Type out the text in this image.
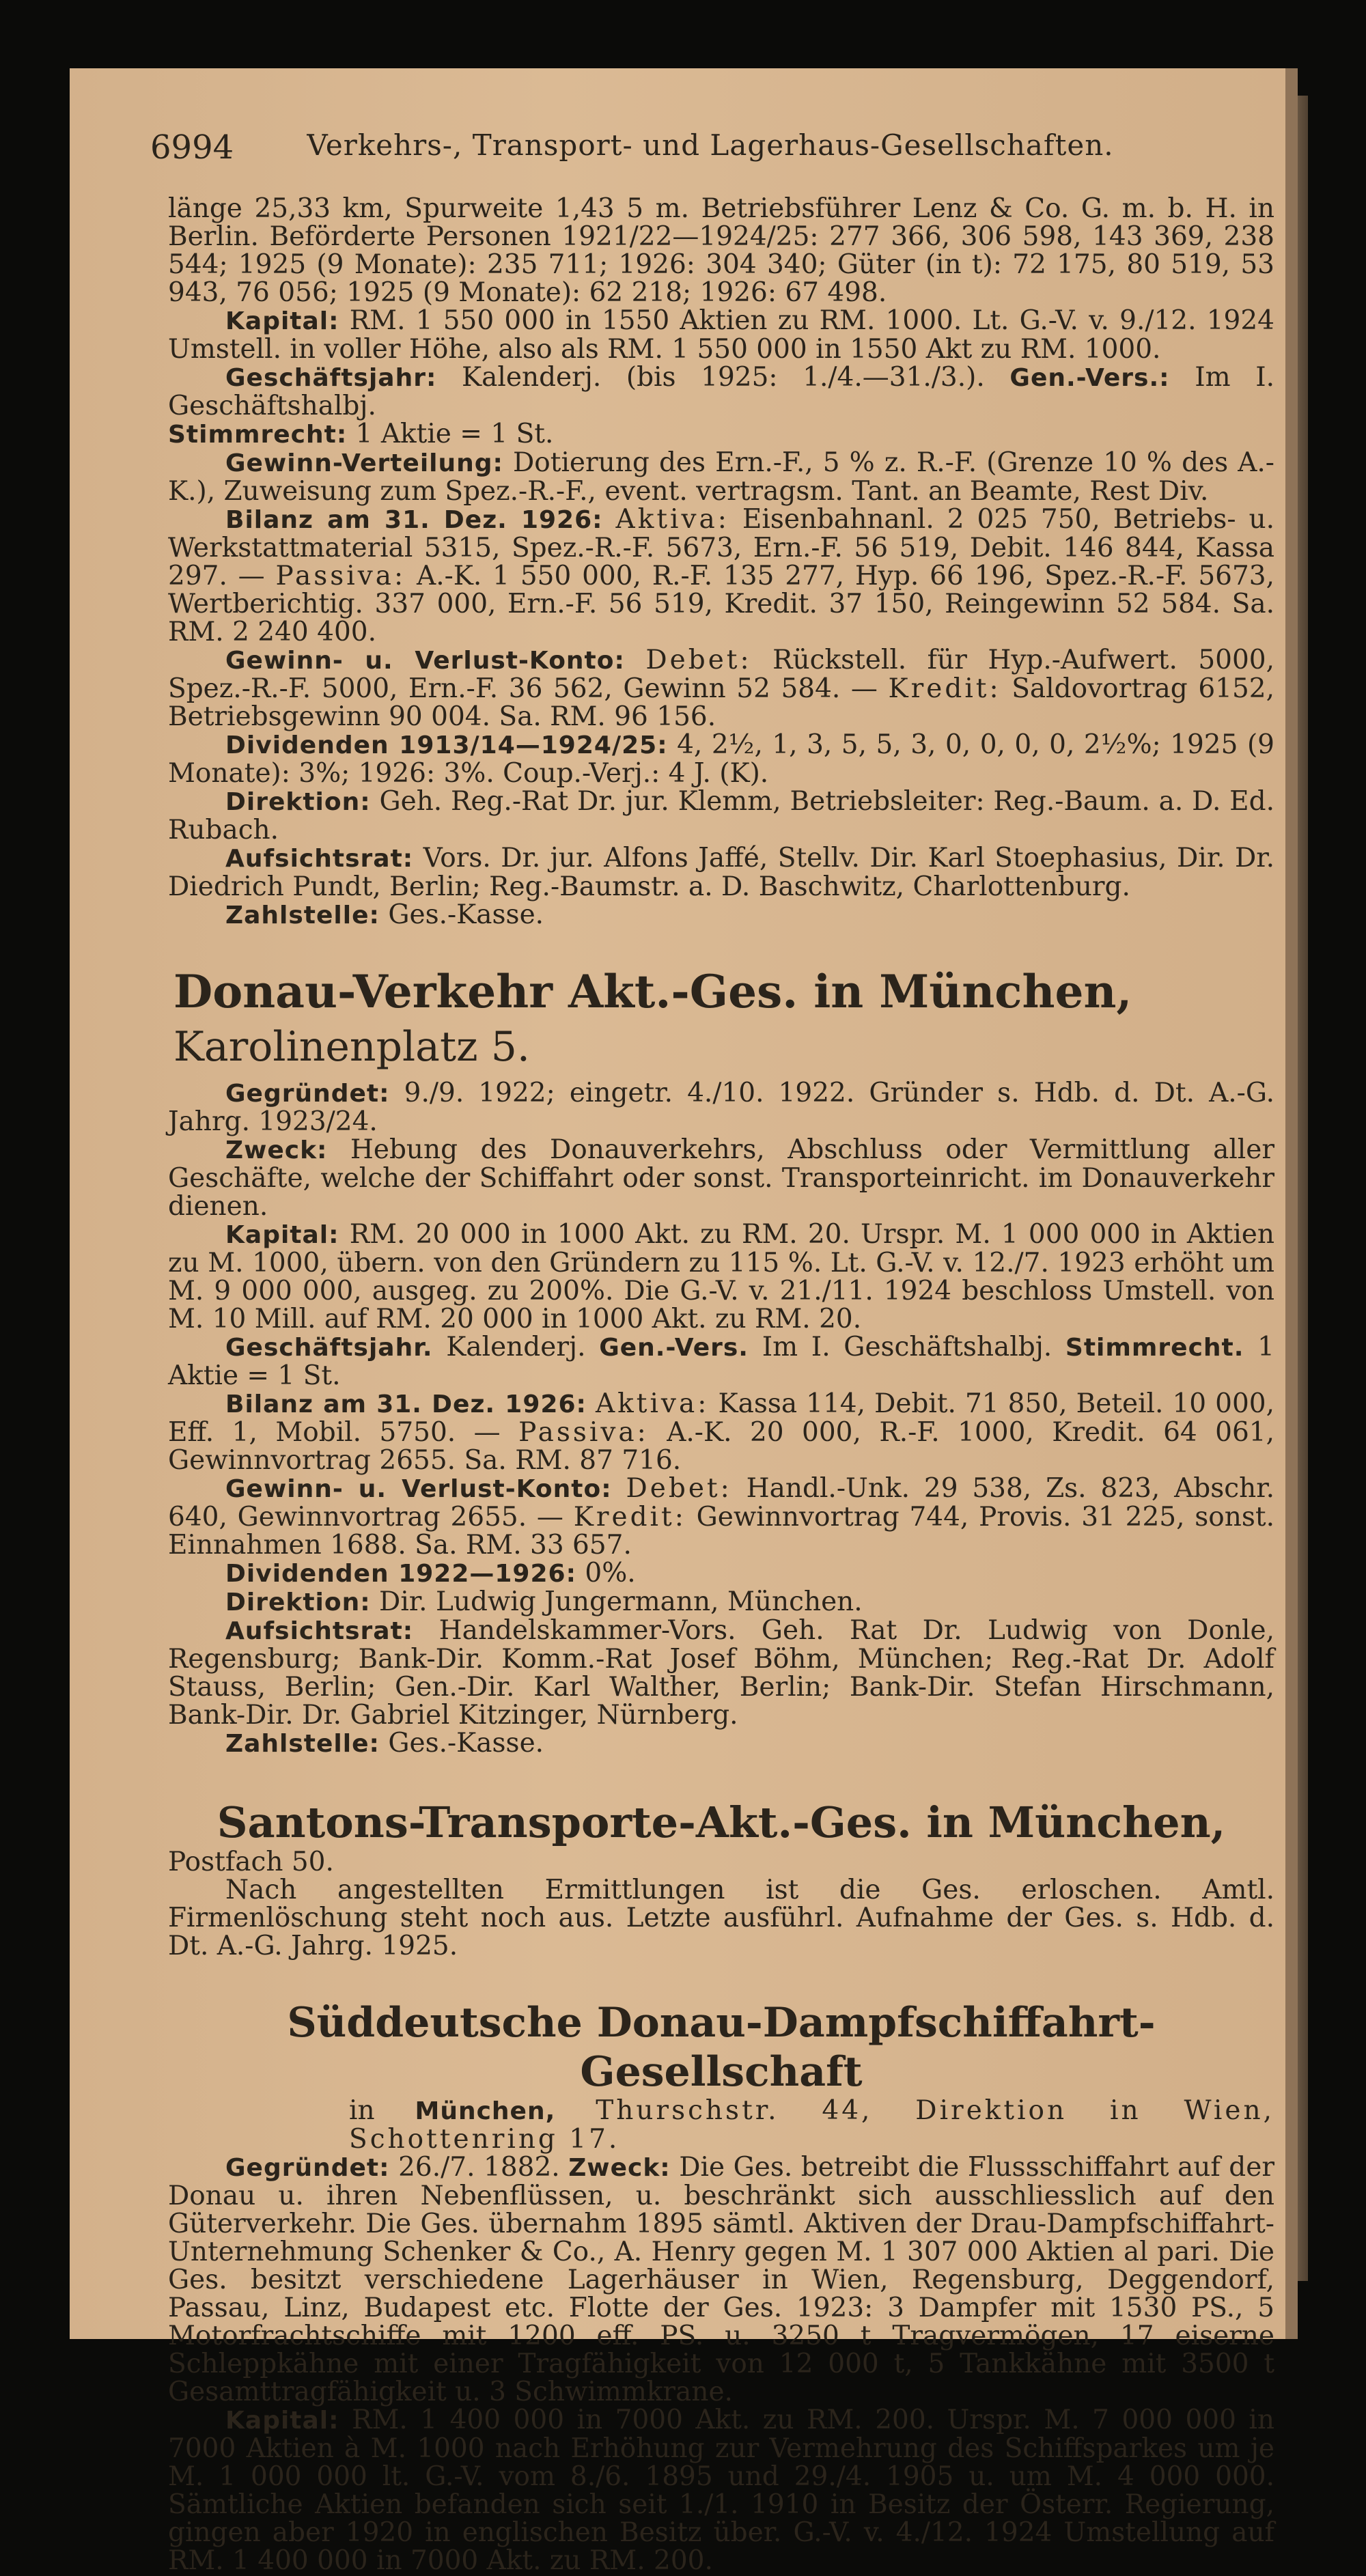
6994	Verkehrs-, Transport- und Lagerhaus-Gesellschaften.

länge 25,33 km, Spurweite 1,43 5 m. Betriebsführer Lenz & Co. G. m. b. H. in Berlin. Beförderte Personen 1921/22—1924/25: 277 366, 306 598, 143 369, 238 544; 1925 (9 Monate): 235 711; 1926: 304 340; Güter (in t): 72 175, 80 519, 53 943, 76 056; 1925 (9 Monate): 62 218; 1926: 67 498.

Kapital: RM. 1 550 000 in 1550 Aktien zu RM. 1000. Lt. G.-V. v. 9./12. 1924 Umstell. in voller Höhe, also als RM. 1 550 000 in 1550 Akt zu RM. 1000.

Geschäftsjahr: Kalenderj. (bis 1925: 1./4.—31./3.). Gen.-Vers.: Im I. Geschäftshalbj.

Stimmrecht: 1 Aktie = 1 St.

Gewinn-Verteilung: Dotierung des Ern.-F., 5 % z. R.-F. (Grenze 10 % des A.-K.), Zuweisung zum Spez.-R.-F., event. vertragsm. Tant. an Beamte, Rest Div.

Bilanz am 31. Dez. 1926: Aktiva: Eisenbahnanl. 2 025 750, Betriebs- u. Werkstattmaterial 5315, Spez.-R.-F. 5673, Ern.-F. 56 519, Debit. 146 844, Kassa 297. — Passiva: A.-K. 1 550 000, R.-F. 135 277, Hyp. 66 196, Spez.-R.-F. 5673, Wertberichtig. 337 000, Ern.-F. 56 519, Kredit. 37 150, Reingewinn 52 584. Sa. RM. 2 240 400.

Gewinn- u. Verlust-Konto: Debet: Rückstell. für Hyp.-Aufwert. 5000, Spez.-R.-F. 5000, Ern.-F. 36 562, Gewinn 52 584. — Kredit: Saldovortrag 6152, Betriebsgewinn 90 004. Sa. RM. 96 156.

Dividenden 1913/14—1924/25: 4, 2½, 1, 3, 5, 5, 3, 0, 0, 0, 0, 2½%; 1925 (9 Monate): 3%; 1926: 3%. Coup.-Verj.: 4 J. (K).

Direktion: Geh. Reg.-Rat Dr. jur. Klemm, Betriebsleiter: Reg.-Baum. a. D. Ed. Rubach.

Aufsichtsrat: Vors. Dr. jur. Alfons Jaffé, Stellv. Dir. Karl Stoephasius, Dir. Dr. Diedrich Pundt, Berlin; Reg.-Baumstr. a. D. Baschwitz, Charlottenburg.

Zahlstelle: Ges.-Kasse.

Donau-Verkehr Akt.-Ges. in München, Karolinenplatz 5.

Gegründet: 9./9. 1922; eingetr. 4./10. 1922. Gründer s. Hdb. d. Dt. A.-G. Jahrg. 1923/24.

Zweck: Hebung des Donauverkehrs, Abschluss oder Vermittlung aller Geschäfte, welche der Schiffahrt oder sonst. Transporteinricht. im Donauverkehr dienen.

Kapital: RM. 20 000 in 1000 Akt. zu RM. 20. Urspr. M. 1 000 000 in Aktien zu M. 1000, übern. von den Gründern zu 115 %. Lt. G.-V. v. 12./7. 1923 erhöht um M. 9 000 000, ausgeg. zu 200%. Die G.-V. v. 21./11. 1924 beschloss Umstell. von M. 10 Mill. auf RM. 20 000 in 1000 Akt. zu RM. 20.

Geschäftsjahr. Kalenderj. Gen.-Vers. Im I. Geschäftshalbj. Stimmrecht. 1 Aktie = 1 St.

Bilanz am 31. Dez. 1926: Aktiva: Kassa 114, Debit. 71 850, Beteil. 10 000, Eff. 1, Mobil. 5750. — Passiva: A.-K. 20 000, R.-F. 1000, Kredit. 64 061, Gewinnvortrag 2655. Sa. RM. 87 716.

Gewinn- u. Verlust-Konto: Debet: Handl.-Unk. 29 538, Zs. 823, Abschr. 640, Gewinnvortrag 2655. — Kredit: Gewinnvortrag 744, Provis. 31 225, sonst. Einnahmen 1688. Sa. RM. 33 657.

Dividenden 1922—1926: 0%.

Direktion: Dir. Ludwig Jungermann, München.

Aufsichtsrat: Handelskammer-Vors. Geh. Rat Dr. Ludwig von Donle, Regensburg; Bank-Dir. Komm.-Rat Josef Böhm, München; Reg.-Rat Dr. Adolf Stauss, Berlin; Gen.-Dir. Karl Walther, Berlin; Bank-Dir. Stefan Hirschmann, Bank-Dir. Dr. Gabriel Kitzinger, Nürnberg.

Zahlstelle: Ges.-Kasse.

Santons-Transporte-Akt.-Ges. in München,

Postfach 50.

Nach angestellten Ermittlungen ist die Ges. erloschen. Amtl. Firmenlöschung steht noch aus. Letzte ausführl. Aufnahme der Ges. s. Hdb. d. Dt. A.-G. Jahrg. 1925.

Süddeutsche Donau-Dampfschiffahrt-Gesellschaft

in München, Thurschstr. 44, Direktion in Wien, Schottenring 17.

Gegründet: 26./7. 1882. Zweck: Die Ges. betreibt die Flussschiffahrt auf der Donau u. ihren Nebenflüssen, u. beschränkt sich ausschliesslich auf den Güterverkehr. Die Ges. übernahm 1895 sämtl. Aktiven der Drau-Dampfschiffahrt-Unternehmung Schenker & Co., A. Henry gegen M. 1 307 000 Aktien al pari. Die Ges. besitzt verschiedene Lagerhäuser in Wien, Regensburg, Deggendorf, Passau, Linz, Budapest etc. Flotte der Ges. 1923: 3 Dampfer mit 1530 PS., 5 Motorfrachtschiffe mit 1200 eff. PS. u. 3250 t Tragvermögen, 17 eiserne Schleppkähne mit einer Tragfähigkeit von 12 000 t, 5 Tankkähne mit 3500 t Gesamttragfähigkeit u. 3 Schwimmkrane.

Kapital: RM. 1 400 000 in 7000 Akt. zu RM. 200. Urspr. M. 7 000 000 in 7000 Aktien à M. 1000 nach Erhöhung zur Vermehrung des Schiffsparkes um je M. 1 000 000 lt. G.-V. vom 8./6. 1895 und 29./4. 1905 u. um M. 4 000 000. Sämtliche Aktien befanden sich seit 1./1. 1910 in Besitz der Österr. Regierung, gingen aber 1920 in englischen Besitz über. G.-V. v. 4./12. 1924 Umstellung auf RM. 1 400 000 in 7000 Akt. zu RM. 200.
